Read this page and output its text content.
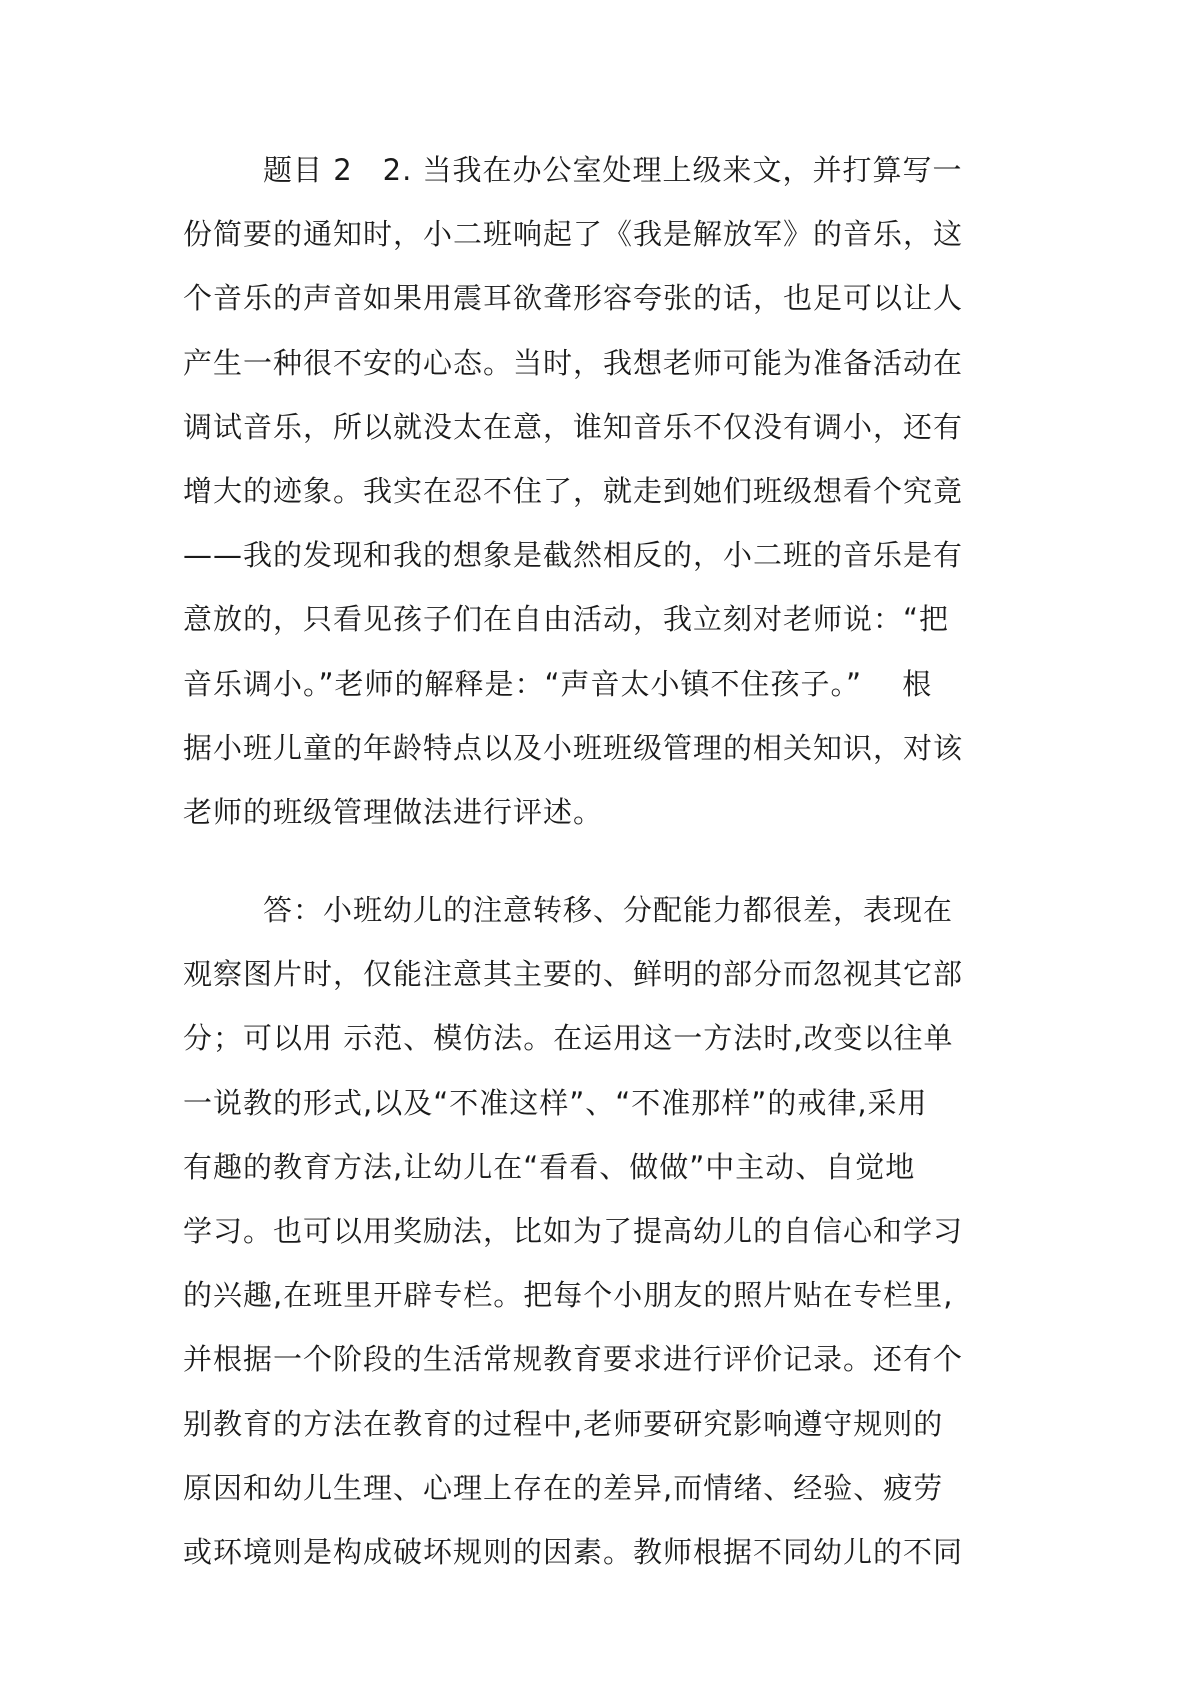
题目 2　2. 当我在办公室处理上级来文，并打算写一
份简要的通知时，小二班响起了《我是解放军》的音乐，这
个音乐的声音如果用震耳欲聋形容夸张的话，也足可以让人
产生一种很不安的心态。当时，我想老师可能为准备活动在
调试音乐，所以就没太在意，谁知音乐不仅没有调小，还有
增大的迹象。我实在忍不住了，就走到她们班级想看个究竟
——我的发现和我的想象是截然相反的，小二班的音乐是有
意放的，只看见孩子们在自由活动，我立刻对老师说：“把
音乐调小。”老师的解释是：“声音太小镇不住孩子。”　 根
据小班儿童的年龄特点以及小班班级管理的相关知识，对该
老师的班级管理做法进行评述。
答：小班幼儿的注意转移、分配能力都很差，表现在
观察图片时，仅能注意其主要的、鲜明的部分而忽视其它部
分；可以用 示范、模仿法。在运用这一方法时,改变以往单
一说教的形式,以及“不准这样”、“不准那样”的戒律,采用
有趣的教育方法,让幼儿在“看看、做做”中主动、自觉地
学习。也可以用奖励法，比如为了提高幼儿的自信心和学习
的兴趣,在班里开辟专栏。把每个小朋友的照片贴在专栏里,
并根据一个阶段的生活常规教育要求进行评价记录。还有个
别教育的方法在教育的过程中,老师要研究影响遵守规则的
原因和幼儿生理、心理上存在的差异,而情绪、经验、疲劳
或环境则是构成破坏规则的因素。教师根据不同幼儿的不同
